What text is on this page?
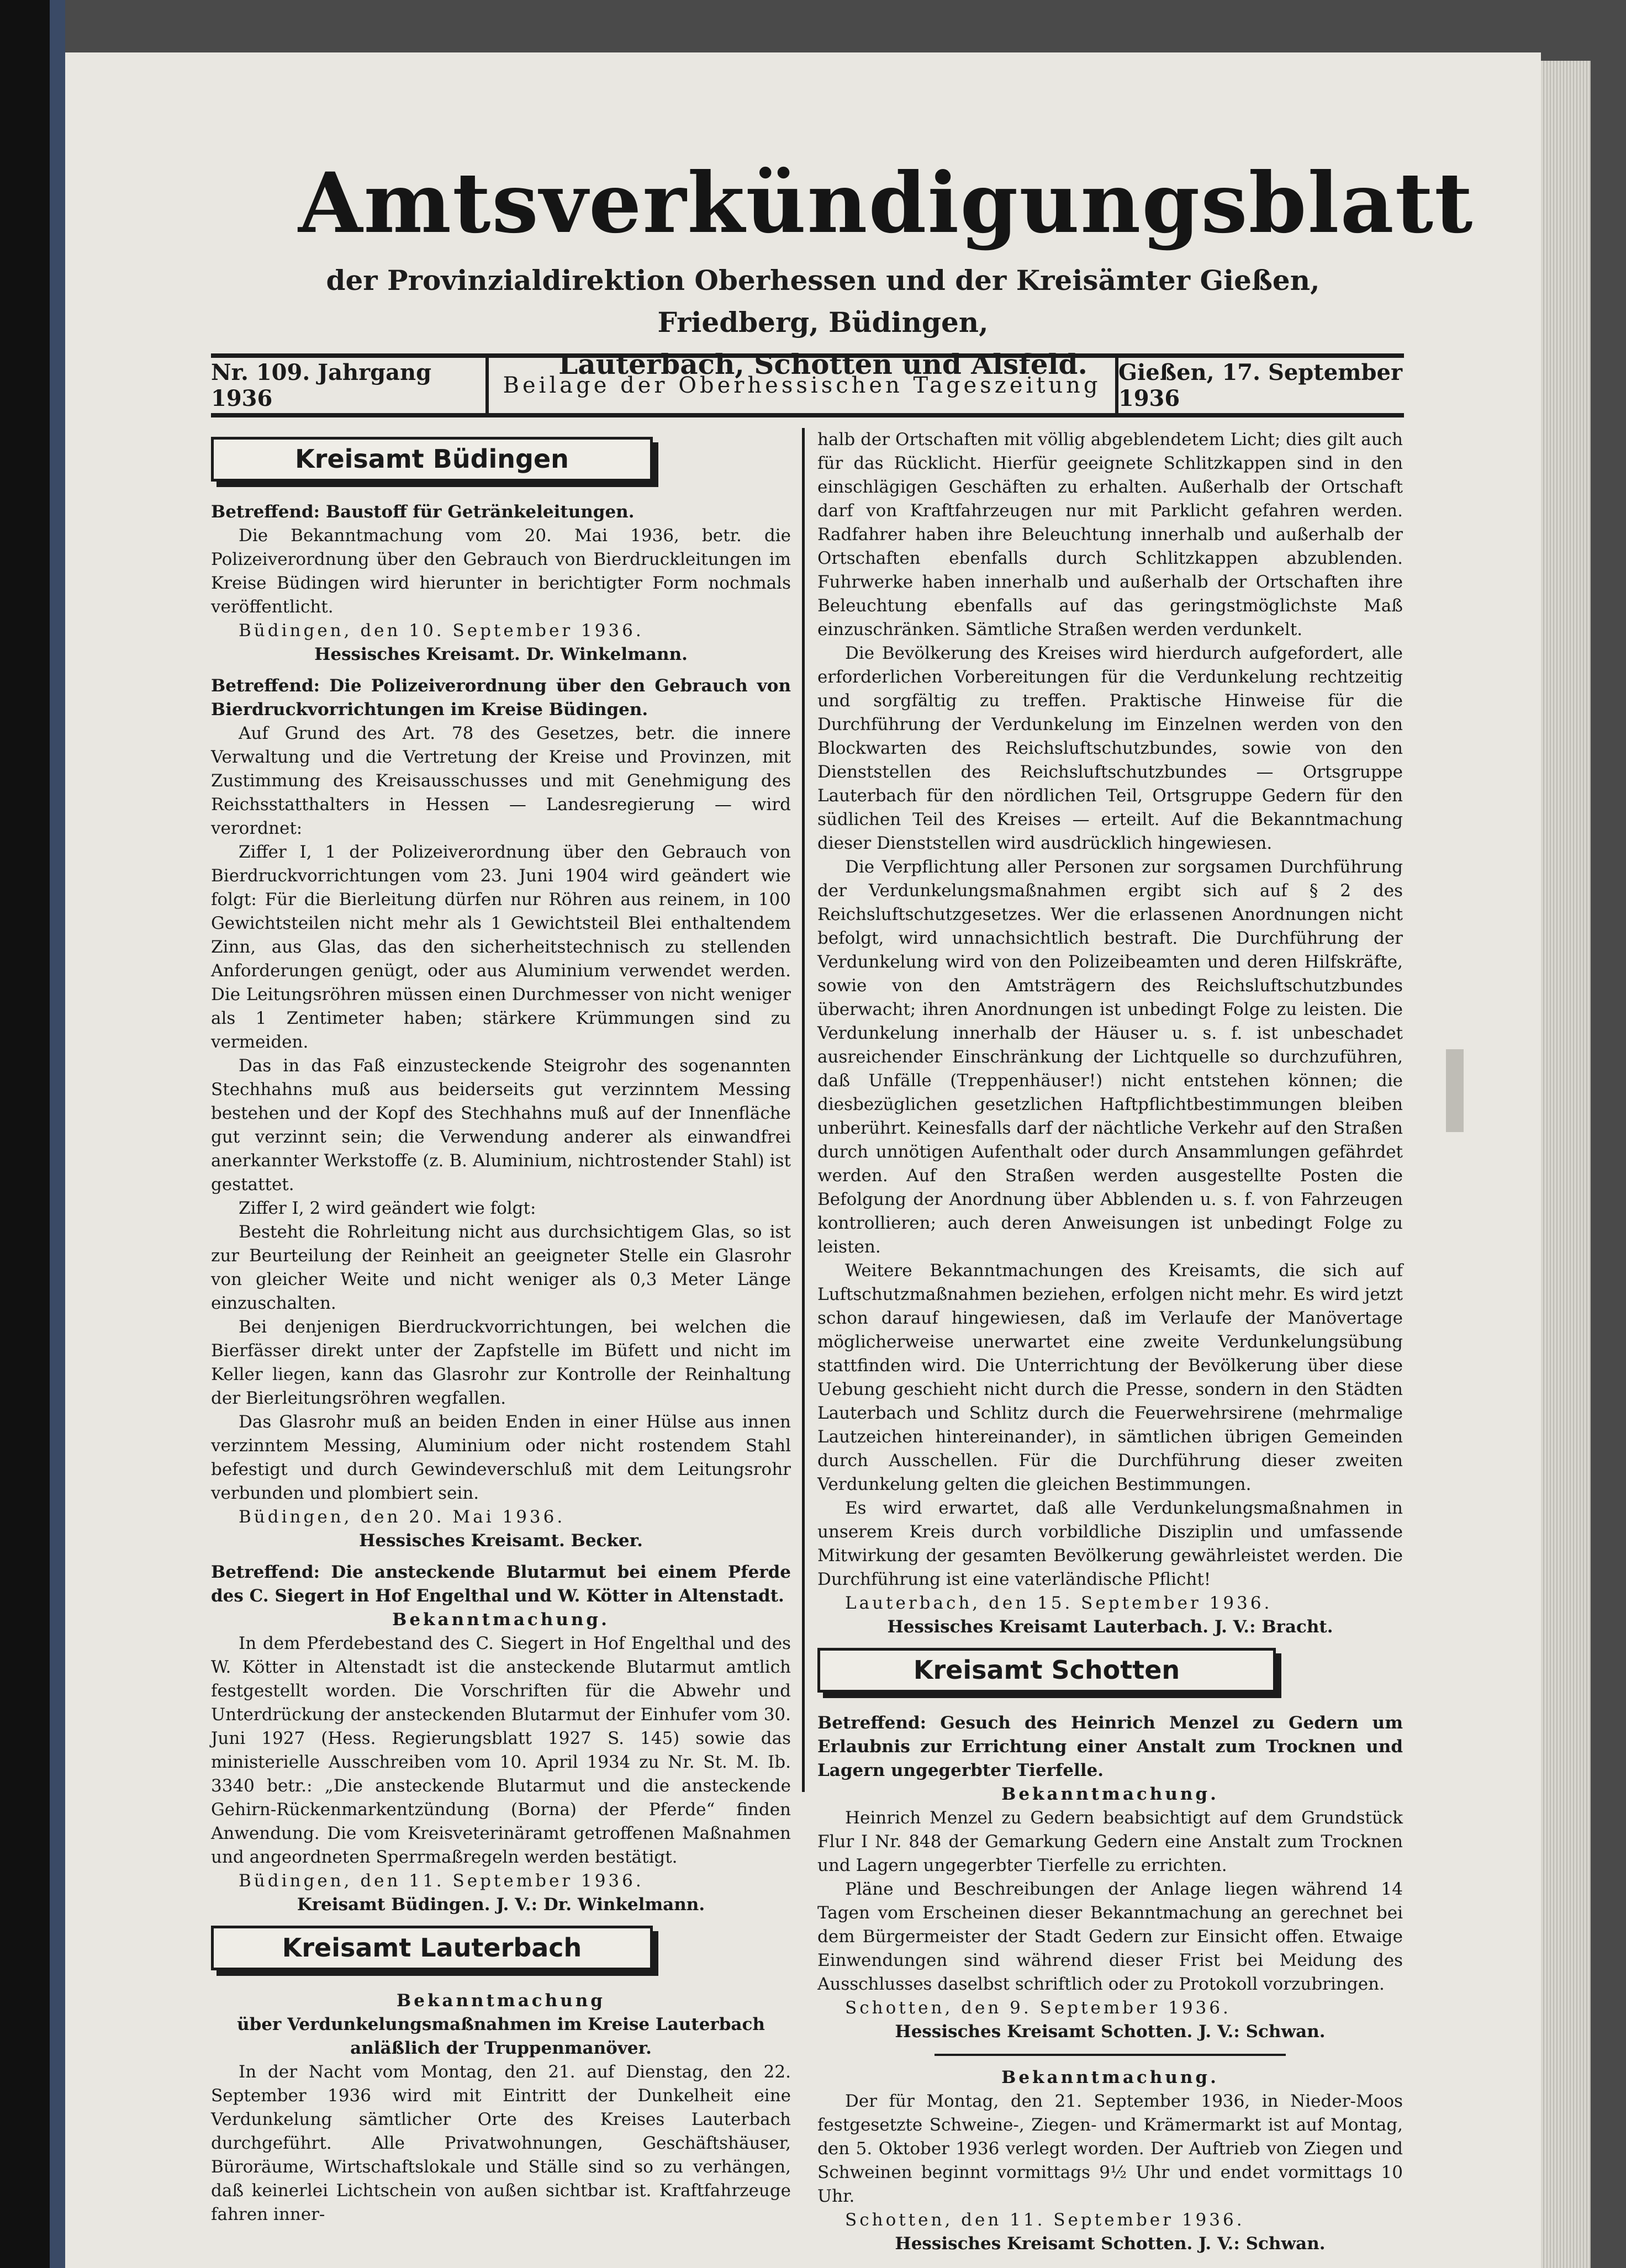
Amtsverkündigungsblatt
der Provinzialdirektion Oberhessen und der Kreisämter Gießen, Friedberg, Büdingen,
Lauterbach, Schotten und Alsfeld.
Nr. 109. Jahrgang 1936	Beilage der Oberhessischen Tageszeitung Gießen, 17. September 1936
Kreisamt Büdingen

Betreffend: Baustoff für Getränkeleitungen.

Die Bekanntmachung vom 20. Mai 1936, betr. die Polizeiverordnung über den Gebrauch von Bierdruckleitungen im Kreise Büdingen wird hierunter in berichtigter Form nochmals veröffentlicht.

Büdingen, den 10. September 1936.

Hessisches Kreisamt. Dr. Winkelmann.

Betreffend: Die Polizeiverordnung über den Gebrauch von Bierdruckvorrichtungen im Kreise Büdingen.

Auf Grund des Art. 78 des Gesetzes, betr. die innere Verwaltung und die Vertretung der Kreise und Provinzen, mit Zustimmung des Kreisausschusses und mit Genehmigung des Reichsstatthalters in Hessen — Landesregierung — wird verordnet:

Ziffer I, 1 der Polizeiverordnung über den Gebrauch von Bierdruckvorrichtungen vom 23. Juni 1904 wird geändert wie folgt: Für die Bierleitung dürfen nur Röhren aus reinem, in 100 Gewichtsteilen nicht mehr als 1 Gewichtsteil Blei enthaltendem Zinn, aus Glas, das den sicherheitstechnisch zu stellenden Anforderungen genügt, oder aus Aluminium verwendet werden. Die Leitungsröhren müssen einen Durchmesser von nicht weniger als 1 Zentimeter haben; stärkere Krümmungen sind zu vermeiden.

Das in das Faß einzusteckende Steigrohr des sogenannten Stechhahns muß aus beiderseits gut verzinntem Messing bestehen und der Kopf des Stechhahns muß auf der Innenfläche gut verzinnt sein; die Verwendung anderer als einwandfrei anerkannter Werkstoffe (z. B. Aluminium, nichtrostender Stahl) ist gestattet.

Ziffer I, 2 wird geändert wie folgt:

Besteht die Rohrleitung nicht aus durchsichtigem Glas, so ist zur Beurteilung der Reinheit an geeigneter Stelle ein Glasrohr von gleicher Weite und nicht weniger als 0,3 Meter Länge einzuschalten.

Bei denjenigen Bierdruckvorrichtungen, bei welchen die Bierfässer direkt unter der Zapfstelle im Büfett und nicht im Keller liegen, kann das Glasrohr zur Kontrolle der Reinhaltung der Bierleitungsröhren wegfallen.

Das Glasrohr muß an beiden Enden in einer Hülse aus innen verzinntem Messing, Aluminium oder nicht rostendem Stahl befestigt und durch Gewindeverschluß mit dem Leitungsrohr verbunden und plombiert sein.

Büdingen, den 20. Mai 1936.

Hessisches Kreisamt. Becker.

Betreffend: Die ansteckende Blutarmut bei einem Pferde des C. Siegert in Hof Engelthal und W. Kötter in Altenstadt.

Bekanntmachung.

In dem Pferdebestand des C. Siegert in Hof Engelthal und des W. Kötter in Altenstadt ist die ansteckende Blutarmut amtlich festgestellt worden. Die Vorschriften für die Abwehr und Unterdrückung der ansteckenden Blutarmut der Einhufer vom 30. Juni 1927 (Hess. Regierungsblatt 1927 S. 145) sowie das ministerielle Ausschreiben vom 10. April 1934 zu Nr. St. M. Ib. 3340 betr.: „Die ansteckende Blutarmut und die ansteckende Gehirn-Rückenmarkentzündung (Borna) der Pferde“ finden Anwendung. Die vom Kreisveterinäramt getroffenen Maßnahmen und angeordneten Sperrmaßregeln werden bestätigt.

Büdingen, den 11. September 1936.

Kreisamt Büdingen. J. V.: Dr. Winkelmann.

Kreisamt Lauterbach

Bekanntmachung

über Verdunkelungsmaßnahmen im Kreise Lauterbach

anläßlich der Truppenmanöver.

In der Nacht vom Montag, den 21. auf Dienstag, den 22. September 1936 wird mit Eintritt der Dunkelheit eine Verdunkelung sämtlicher Orte des Kreises Lauterbach durchgeführt. Alle Privatwohnungen, Geschäftshäuser, Büroräume, Wirtschaftslokale und Ställe sind so zu verhängen, daß keinerlei Lichtschein von außen sichtbar ist. Kraftfahrzeuge fahren inner-

halb der Ortschaften mit völlig abgeblendetem Licht; dies gilt auch für das Rücklicht. Hierfür geeignete Schlitzkappen sind in den einschlägigen Geschäften zu erhalten. Außerhalb der Ortschaft darf von Kraftfahrzeugen nur mit Parklicht gefahren werden. Radfahrer haben ihre Beleuchtung innerhalb und außerhalb der Ortschaften ebenfalls durch Schlitzkappen abzublenden. Fuhrwerke haben innerhalb und außerhalb der Ortschaften ihre Beleuchtung ebenfalls auf das geringstmöglichste Maß einzuschränken. Sämtliche Straßen werden verdunkelt.

Die Bevölkerung des Kreises wird hierdurch aufgefordert, alle erforderlichen Vorbereitungen für die Verdunkelung rechtzeitig und sorgfältig zu treffen. Praktische Hinweise für die Durchführung der Verdunkelung im Einzelnen werden von den Blockwarten des Reichsluftschutzbundes, sowie von den Dienststellen des Reichsluftschutzbundes — Ortsgruppe Lauterbach für den nördlichen Teil, Ortsgruppe Gedern für den südlichen Teil des Kreises — erteilt. Auf die Bekanntmachung dieser Dienststellen wird ausdrücklich hingewiesen.

Die Verpflichtung aller Personen zur sorgsamen Durchführung der Verdunkelungsmaßnahmen ergibt sich auf § 2 des Reichsluftschutzgesetzes. Wer die erlassenen Anordnungen nicht befolgt, wird unnachsichtlich bestraft. Die Durchführung der Verdunkelung wird von den Polizeibeamten und deren Hilfskräfte, sowie von den Amtsträgern des Reichsluftschutzbundes überwacht; ihren Anordnungen ist unbedingt Folge zu leisten. Die Verdunkelung innerhalb der Häuser u. s. f. ist unbeschadet ausreichender Einschränkung der Lichtquelle so durchzuführen, daß Unfälle (Treppenhäuser!) nicht entstehen können; die diesbezüglichen gesetzlichen Haftpflichtbestimmungen bleiben unberührt. Keinesfalls darf der nächtliche Verkehr auf den Straßen durch unnötigen Aufenthalt oder durch Ansammlungen gefährdet werden. Auf den Straßen werden ausgestellte Posten die Befolgung der Anordnung über Abblenden u. s. f. von Fahrzeugen kontrollieren; auch deren Anweisungen ist unbedingt Folge zu leisten.

Weitere Bekanntmachungen des Kreisamts, die sich auf Luftschutzmaßnahmen beziehen, erfolgen nicht mehr. Es wird jetzt schon darauf hingewiesen, daß im Verlaufe der Manövertage möglicherweise unerwartet eine zweite Verdunkelungsübung stattfinden wird. Die Unterrichtung der Bevölkerung über diese Uebung geschieht nicht durch die Presse, sondern in den Städten Lauterbach und Schlitz durch die Feuerwehrsirene (mehrmalige Lautzeichen hintereinander), in sämtlichen übrigen Gemeinden durch Ausschellen. Für die Durchführung dieser zweiten Verdunkelung gelten die gleichen Bestimmungen.

Es wird erwartet, daß alle Verdunkelungsmaßnahmen in unserem Kreis durch vorbildliche Disziplin und umfassende Mitwirkung der gesamten Bevölkerung gewährleistet werden. Die Durchführung ist eine vaterländische Pflicht!

Lauterbach, den 15. September 1936.

Hessisches Kreisamt Lauterbach. J. V.: Bracht.

Kreisamt Schotten

Betreffend: Gesuch des Heinrich Menzel zu Gedern um Erlaubnis zur Errichtung einer Anstalt zum Trocknen und Lagern ungegerbter Tierfelle.

Bekanntmachung.

Heinrich Menzel zu Gedern beabsichtigt auf dem Grundstück Flur I Nr. 848 der Gemarkung Gedern eine Anstalt zum Trocknen und Lagern ungegerbter Tierfelle zu errichten.

Pläne und Beschreibungen der Anlage liegen während 14 Tagen vom Erscheinen dieser Bekanntmachung an gerechnet bei dem Bürgermeister der Stadt Gedern zur Einsicht offen. Etwaige Einwendungen sind während dieser Frist bei Meidung des Ausschlusses daselbst schriftlich oder zu Protokoll vorzubringen.

Schotten, den 9. September 1936.

Hessisches Kreisamt Schotten. J. V.: Schwan.

Bekanntmachung.

Der für Montag, den 21. September 1936, in Nieder-Moos festgesetzte Schweine-, Ziegen- und Krämermarkt ist auf Montag, den 5. Oktober 1936 verlegt worden. Der Auftrieb von Ziegen und Schweinen beginnt vormittags 9½ Uhr und endet vormittags 10 Uhr.

Schotten, den 11. September 1936.

Hessisches Kreisamt Schotten. J. V.: Schwan.
